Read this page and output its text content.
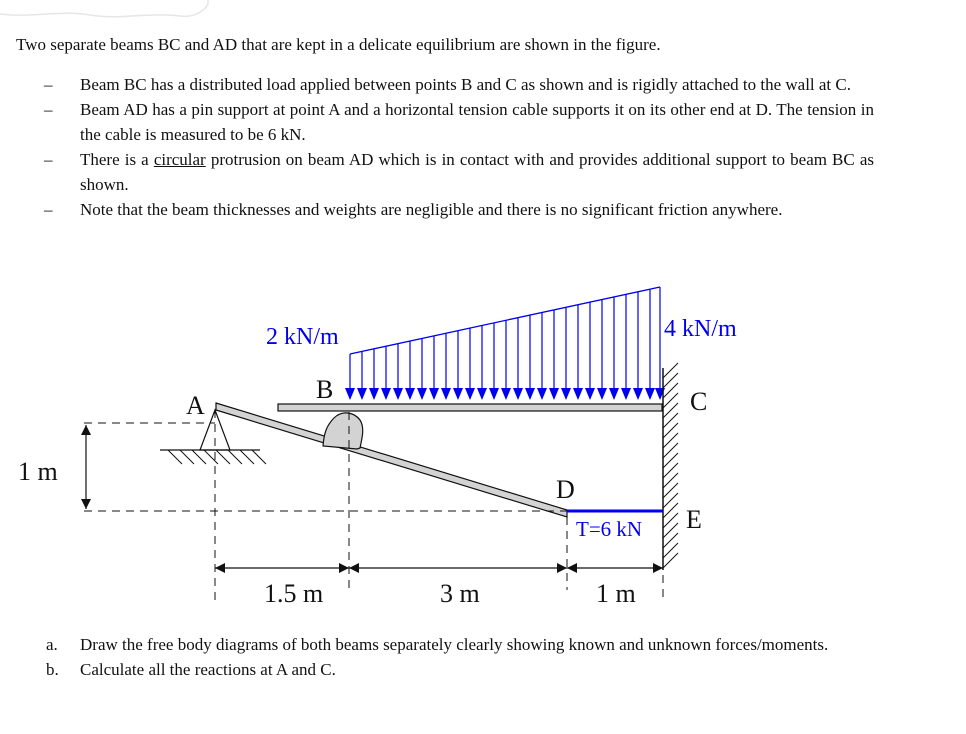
Two separate beams BC and AD that are kept in a delicate equilibrium are shown in the figure.
–	Beam BC has a distributed load applied between points B and C as shown and is rigidly attached to the wall at C.
–	Beam AD has a pin support at point A and a horizontal tension cable supports it on its other end at D. The tension in the cable is measured to be 6 kN.
–	There is a circular protrusion on beam AD which is in contact with and provides additional support to beam BC as shown.
–	Note that the beam thicknesses and weights are negligible and there is no significant friction anywhere.
2 kN/m	4 kN/m
C
E
A
B
D
T=6 kN
1 m
1.5 m	3 m	1 m
a. Draw the free body diagrams of both beams separately clearly showing known and unknown forces/moments.
b. Calculate all the reactions at A and C.
